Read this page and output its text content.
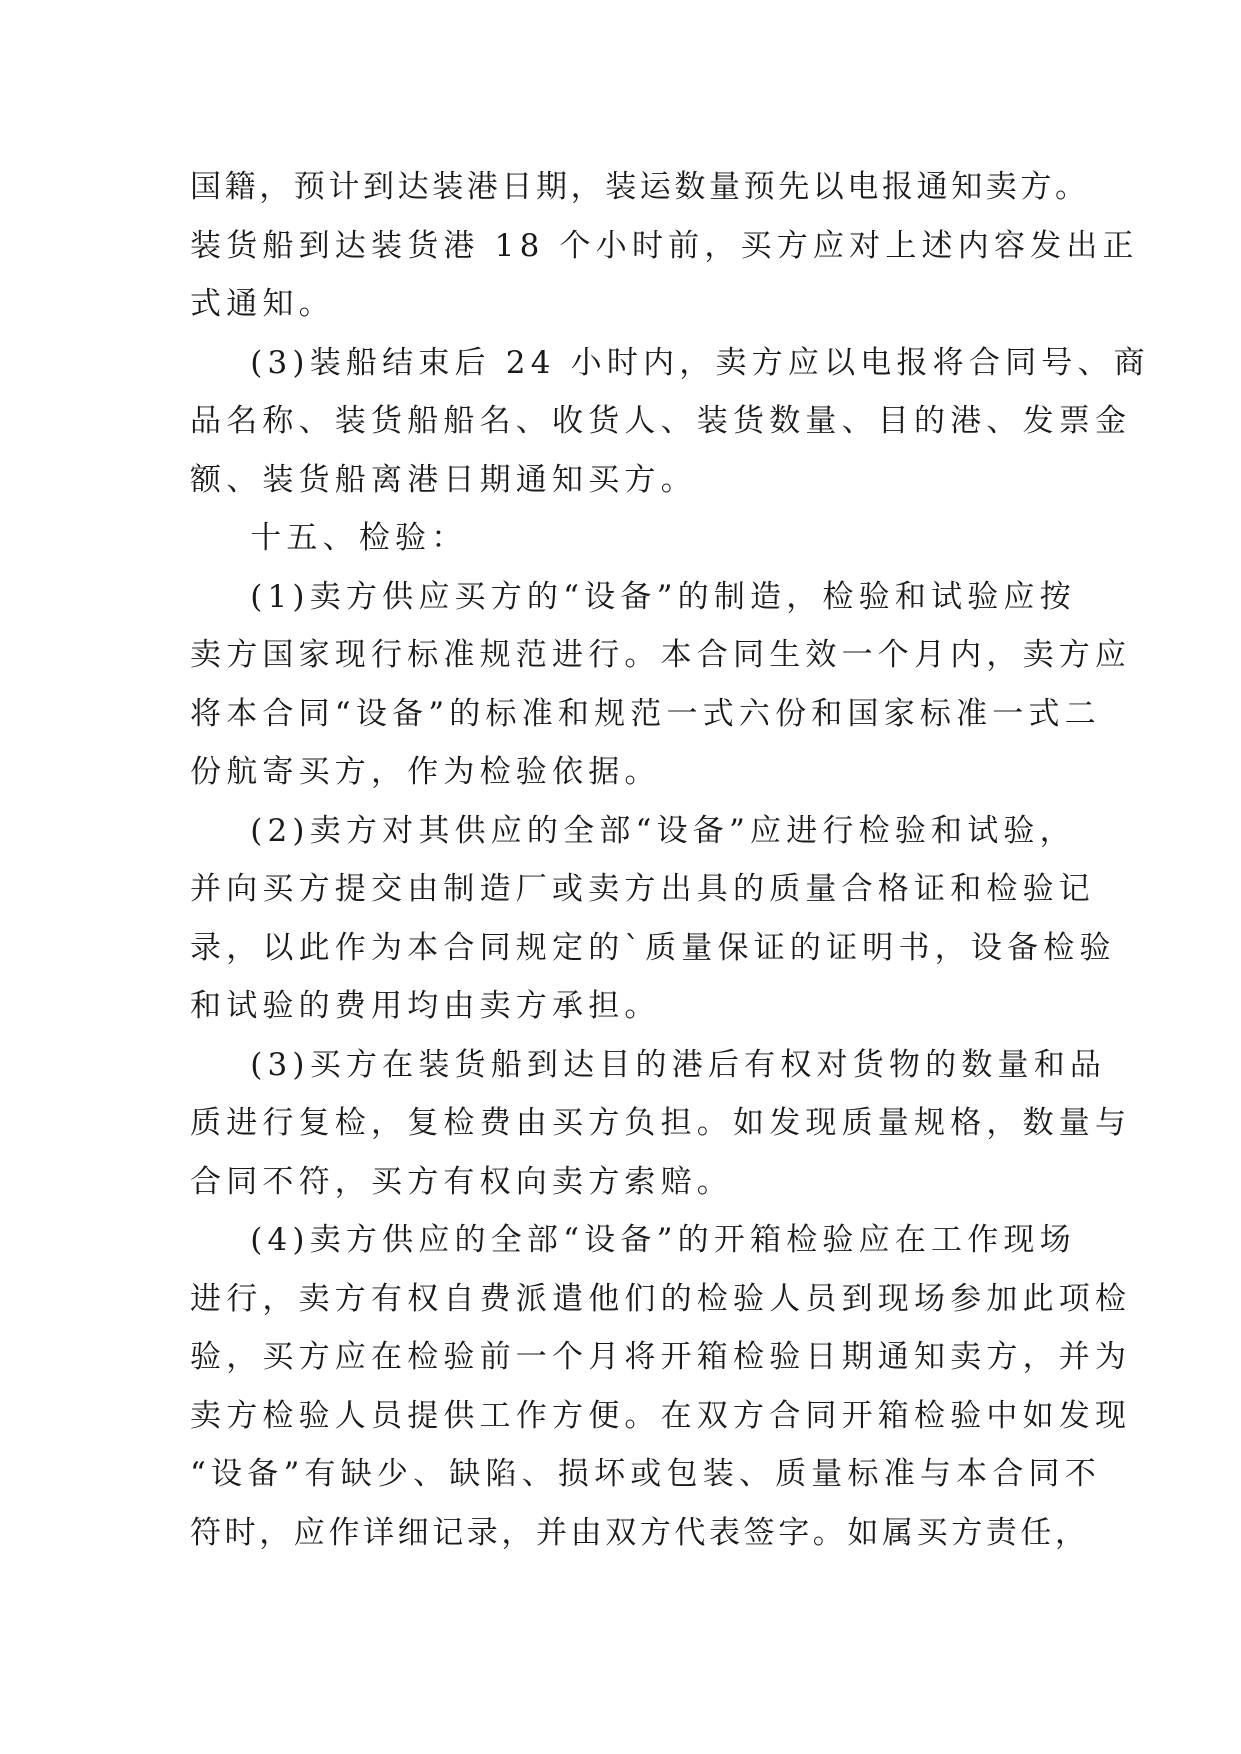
国籍，预计到达装港日期，装运数量预先以电报通知卖方。
装货船到达装货港 18 个小时前，买方应对上述内容发出正
式通知。
(3)装船结束后 24 小时内，卖方应以电报将合同号、商
品名称、装货船船名、收货人、装货数量、目的港、发票金
额、装货船离港日期通知买方。
十五、检验：
(1)卖方供应买方的“设备”的制造，检验和试验应按
卖方国家现行标准规范进行。本合同生效一个月内，卖方应
将本合同“设备”的标准和规范一式六份和国家标准一式二
份航寄买方，作为检验依据。
(2)卖方对其供应的全部“设备”应进行检验和试验，
并向买方提交由制造厂或卖方出具的质量合格证和检验记
录，以此作为本合同规定的`质量保证的证明书，设备检验
和试验的费用均由卖方承担。
(3)买方在装货船到达目的港后有权对货物的数量和品
质进行复检，复检费由买方负担。如发现质量规格，数量与
合同不符，买方有权向卖方索赔。
(4)卖方供应的全部“设备”的开箱检验应在工作现场
进行，卖方有权自费派遣他们的检验人员到现场参加此项检
验，买方应在检验前一个月将开箱检验日期通知卖方，并为
卖方检验人员提供工作方便。在双方合同开箱检验中如发现
“设备”有缺少、缺陷、损坏或包装、质量标准与本合同不
符时，应作详细记录，并由双方代表签字。如属买方责任，
